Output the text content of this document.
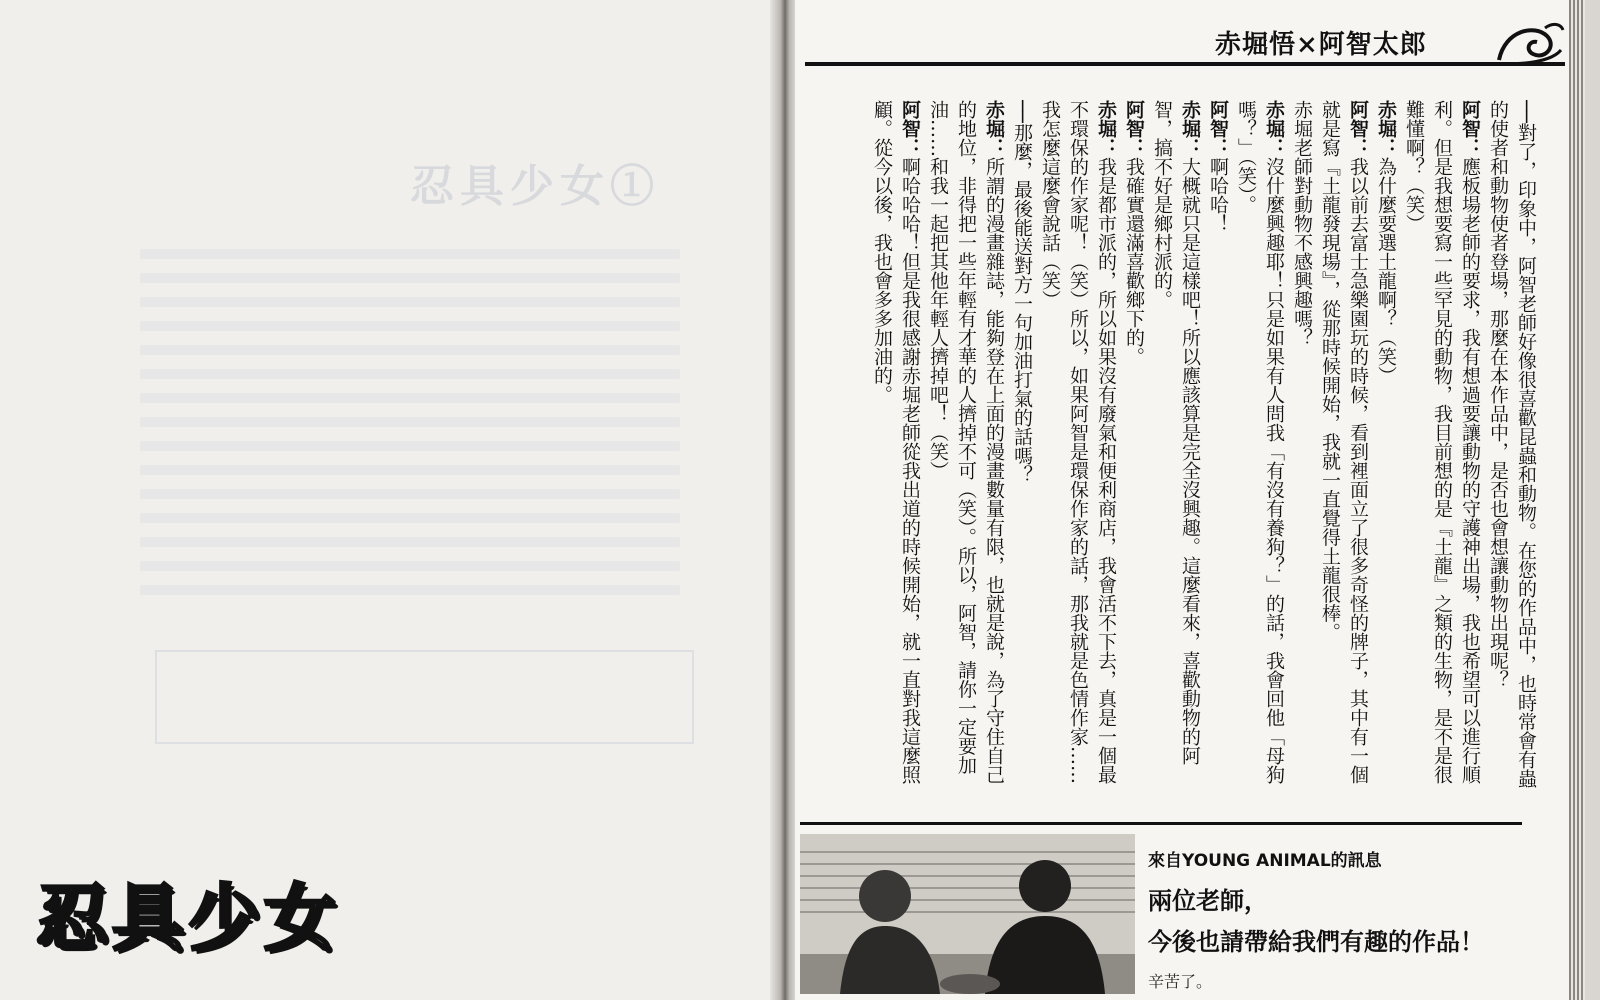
忍具少女①
忍具少女
赤堀悟×阿智太郎

──對了，印象中，阿智老師好像很喜歡昆蟲和動物。在您的作品中，也時常會有蟲的使者和動物使者登場，那麼在本作品中，是否也會想讓動物出現呢？

阿智：應板場老師的要求，我有想過要讓動物的守護神出場，我也希望可以進行順利。但是我想要寫一些罕見的動物，我目前想的是『土龍』之類的生物，是不是很難懂啊？（笑）

赤堀：為什麼要選土龍啊？（笑）

阿智：我以前去富士急樂園玩的時候，看到裡面立了很多奇怪的牌子，其中有一個就是寫『土龍發現場』，從那時候開始，我就一直覺得土龍很棒。

赤堀老師對動物不感興趣嗎？

赤堀：沒什麼興趣耶！只是如果有人問我「有沒有養狗？」的話，我會回他「母狗嗎？」（笑）。

阿智：啊哈哈！

赤堀：大概就只是這樣吧！所以應該算是完全沒興趣。這麼看來，喜歡動物的阿智，搞不好是鄉村派的。

阿智：我確實還滿喜歡鄉下的。

赤堀：我是都市派的，所以如果沒有廢氣和便利商店，我會活不下去，真是一個最不環保的作家呢！（笑）所以，如果阿智是環保作家的話，那我就是色情作家……我怎麼這麼會說話（笑）

──那麼，最後能送對方一句加油打氣的話嗎？

赤堀：所謂的漫畫雜誌，能夠登在上面的漫畫數量有限，也就是說，為了守住自己的地位，非得把一些年輕有才華的人擠掉不可（笑）。所以，阿智，請你一定要加油……和我一起把其他年輕人擠掉吧！（笑）

阿智：啊哈哈哈！但是我很感謝赤堀老師從我出道的時候開始，就一直對我這麼照顧。從今以後，我也會多多加油的。

來自YOUNG ANIMAL的訊息
兩位老師，
今後也請帶給我們有趣的作品！
辛苦了。
